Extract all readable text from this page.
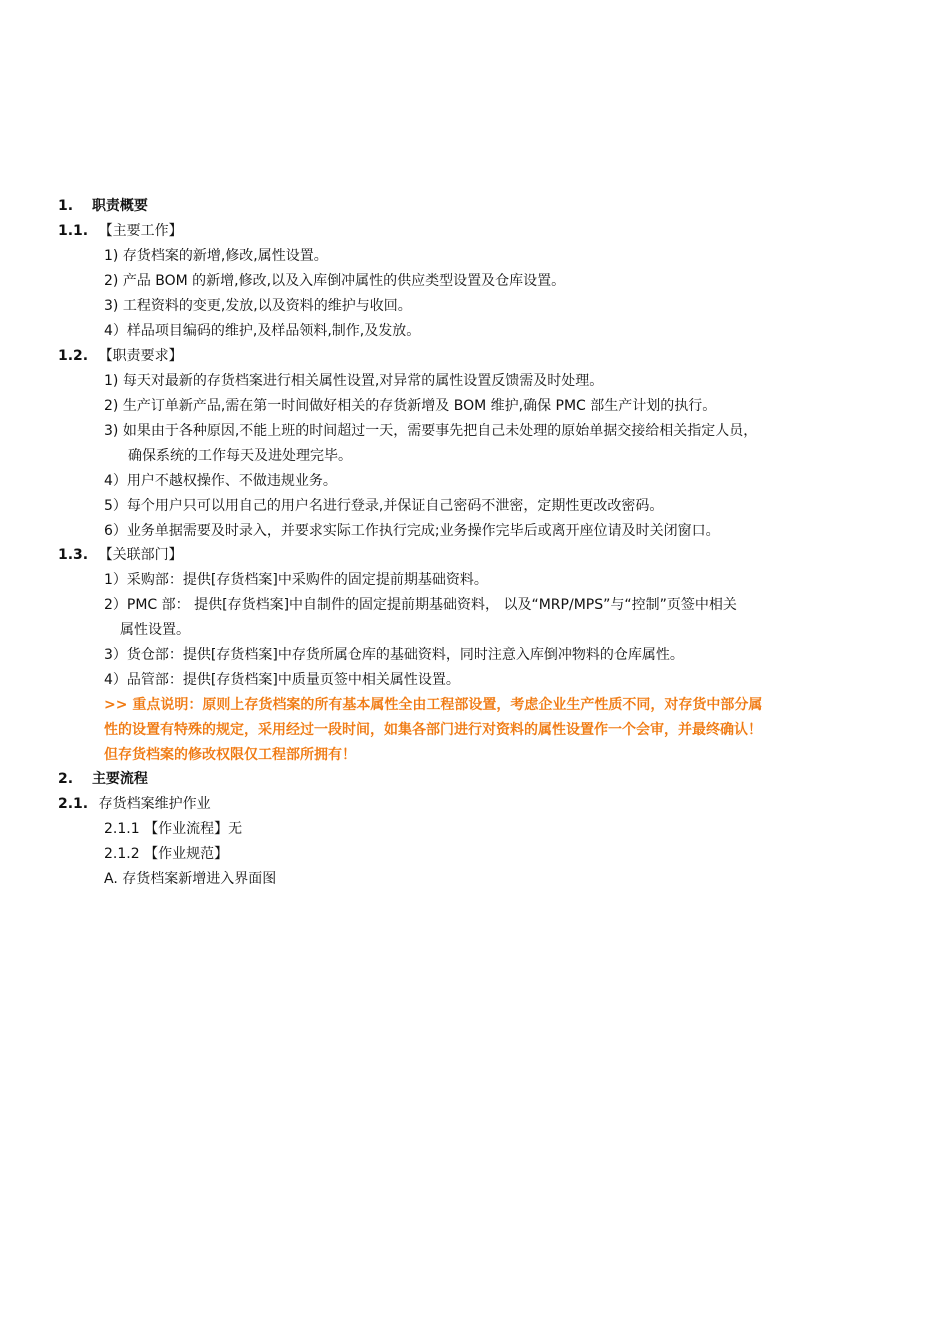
1. 职责概要
1.1. 【主要工作】
1) 存货档案的新增,修改,属性设置。
2) 产品 BOM 的新增,修改,以及入库倒冲属性的供应类型设置及仓库设置。
3) 工程资料的变更,发放,以及资料的维护与收回。
4）样品项目编码的维护,及样品领料,制作,及发放。
1.2. 【职责要求】
1) 每天对最新的存货档案进行相关属性设置,对异常的属性设置反馈需及时处理。
2) 生产订单新产品,需在第一时间做好相关的存货新增及 BOM 维护,确保 PMC 部生产计划的执行。
3) 如果由于各种原因,不能上班的时间超过一天，需要事先把自己未处理的原始单据交接给相关指定人员，
确保系统的工作每天及进处理完毕。
4）用户不越权操作、不做违规业务。
5）每个用户只可以用自己的用户名进行登录,并保证自己密码不泄密，定期性更改改密码。
6）业务单据需要及时录入，并要求实际工作执行完成;业务操作完毕后或离开座位请及时关闭窗口。
1.3. 【关联部门】
1）采购部：提供[存货档案]中采购件的固定提前期基础资料。
2）PMC 部： 提供[存货档案]中自制件的固定提前期基础资料， 以及“MRP/MPS”与“控制”页签中相关
属性设置。
3）货仓部：提供[存货档案]中存货所属仓库的基础资料，同时注意入库倒冲物料的仓库属性。
4）品管部：提供[存货档案]中质量页签中相关属性设置。
>> 重点说明：原则上存货档案的所有基本属性全由工程部设置，考虑企业生产性质不同，对存货中部分属
性的设置有特殊的规定，采用经过一段时间，如集各部门进行对资料的属性设置作一个会审，并最终确认！
但存货档案的修改权限仅工程部所拥有！
2. 主要流程
2.1. 存货档案维护作业
2.1.1 【作业流程】无
2.1.2 【作业规范】
A. 存货档案新增进入界面图
